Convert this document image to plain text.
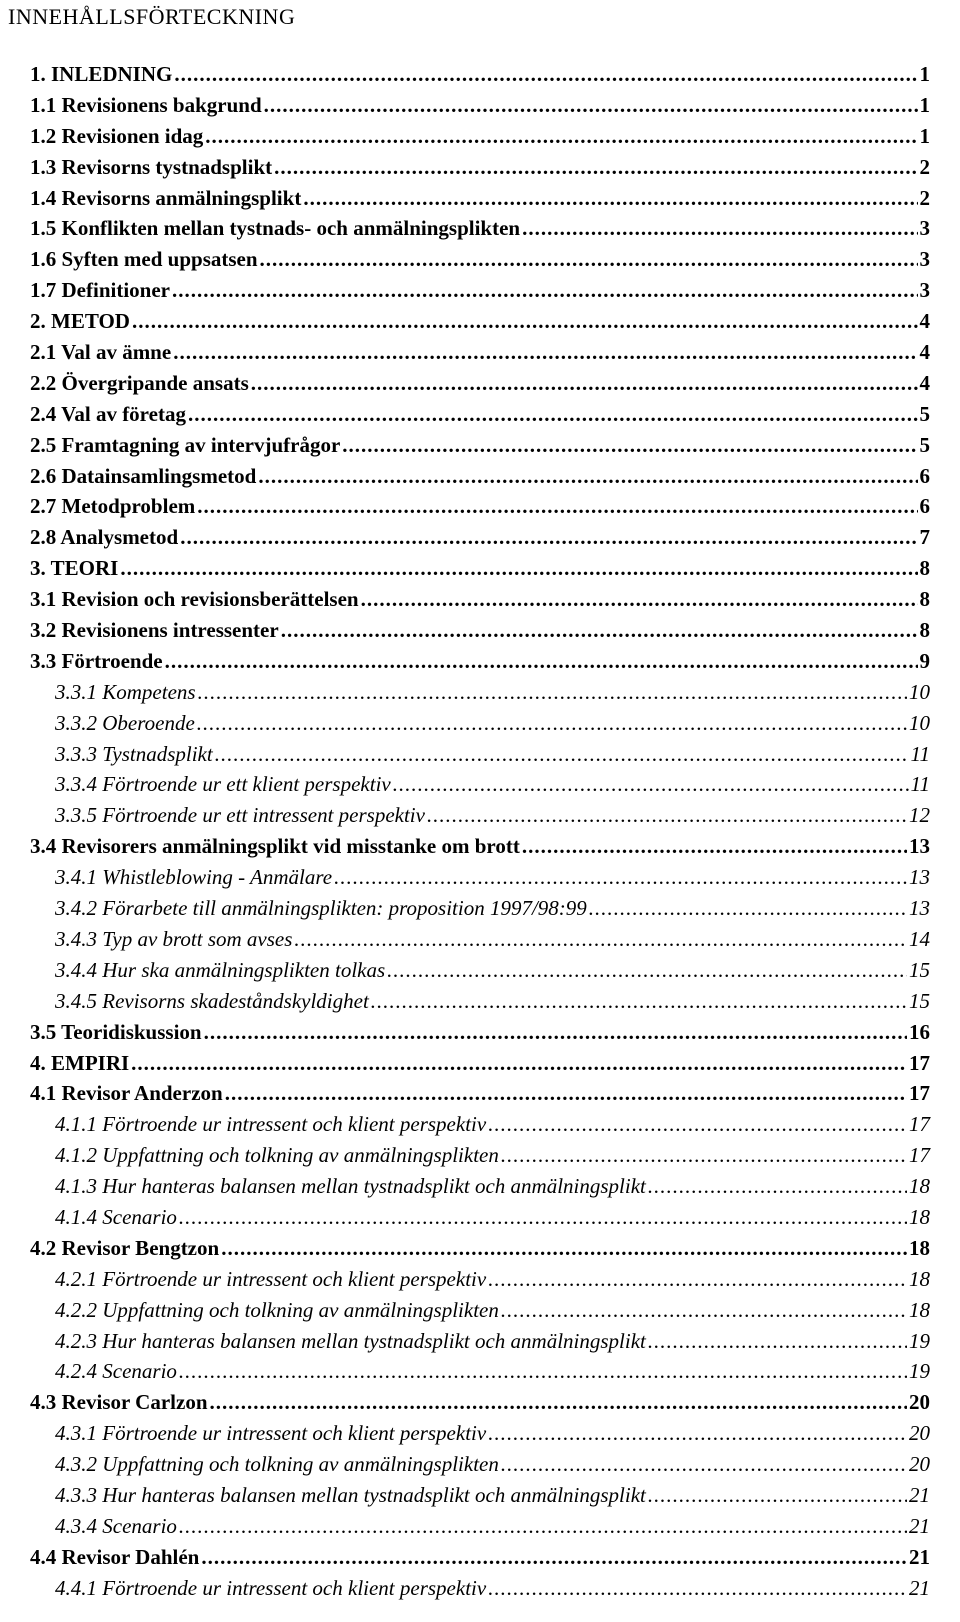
INNEHÅLLSFÖRTECKNING
1. INLEDNING .....	1
1.1 Revisionens bakgrund .....	1
1.2 Revisionen idag .....	1
1.3 Revisorns tystnadsplikt .....	2
1.4 Revisorns anmälningsplikt .....	2
1.5 Konflikten mellan tystnads- och anmälningsplikten .....	3
1.6 Syften med uppsatsen .....	3
1.7 Definitioner .....	3
2. METOD .....	4
2.1 Val av ämne .....	4
2.2 Övergripande ansats .....	4
2.4 Val av företag .....	5
2.5 Framtagning av intervjufrågor .....	5
2.6 Datainsamlingsmetod .....	6
2.7 Metodproblem .....	6
2.8 Analysmetod .....	7
3. TEORI .....	8
3.1 Revision och revisionsberättelsen .....	8
3.2 Revisionens intressenter .....	8
3.3 Förtroende .....	9
3.3.1 Kompetens .....	10
3.3.2 Oberoende .....	10
3.3.3 Tystnadsplikt .....	11
3.3.4 Förtroende ur ett klient perspektiv .....	11
3.3.5 Förtroende ur ett intressent perspektiv .....	12
3.4 Revisorers anmälningsplikt vid misstanke om brott .....	13
3.4.1 Whistleblowing - Anmälare .....	13
3.4.2 Förarbete till anmälningsplikten: proposition 1997/98:99 .....	13
3.4.3 Typ av brott som avses .....	14
3.4.4 Hur ska anmälningsplikten tolkas .....	15
3.4.5 Revisorns skadeståndskyldighet .....	15
3.5 Teoridiskussion .....	16
4. EMPIRI .....	17
4.1 Revisor Anderzon .....	17
4.1.1 Förtroende ur intressent och klient perspektiv .....	17
4.1.2 Uppfattning och tolkning av anmälningsplikten .....	17
4.1.3 Hur hanteras balansen mellan tystnadsplikt och anmälningsplikt .....	18
4.1.4 Scenario .....	18
4.2 Revisor Bengtzon .....	18
4.2.1 Förtroende ur intressent och klient perspektiv .....	18
4.2.2 Uppfattning och tolkning av anmälningsplikten .....	18
4.2.3 Hur hanteras balansen mellan tystnadsplikt och anmälningsplikt .....	19
4.2.4 Scenario .....	19
4.3 Revisor Carlzon .....	20
4.3.1 Förtroende ur intressent och klient perspektiv .....	20
4.3.2 Uppfattning och tolkning av anmälningsplikten .....	20
4.3.3 Hur hanteras balansen mellan tystnadsplikt och anmälningsplikt .....	21
4.3.4 Scenario .....	21
4.4 Revisor Dahlén .....	21
4.4.1 Förtroende ur intressent och klient perspektiv .....	21
